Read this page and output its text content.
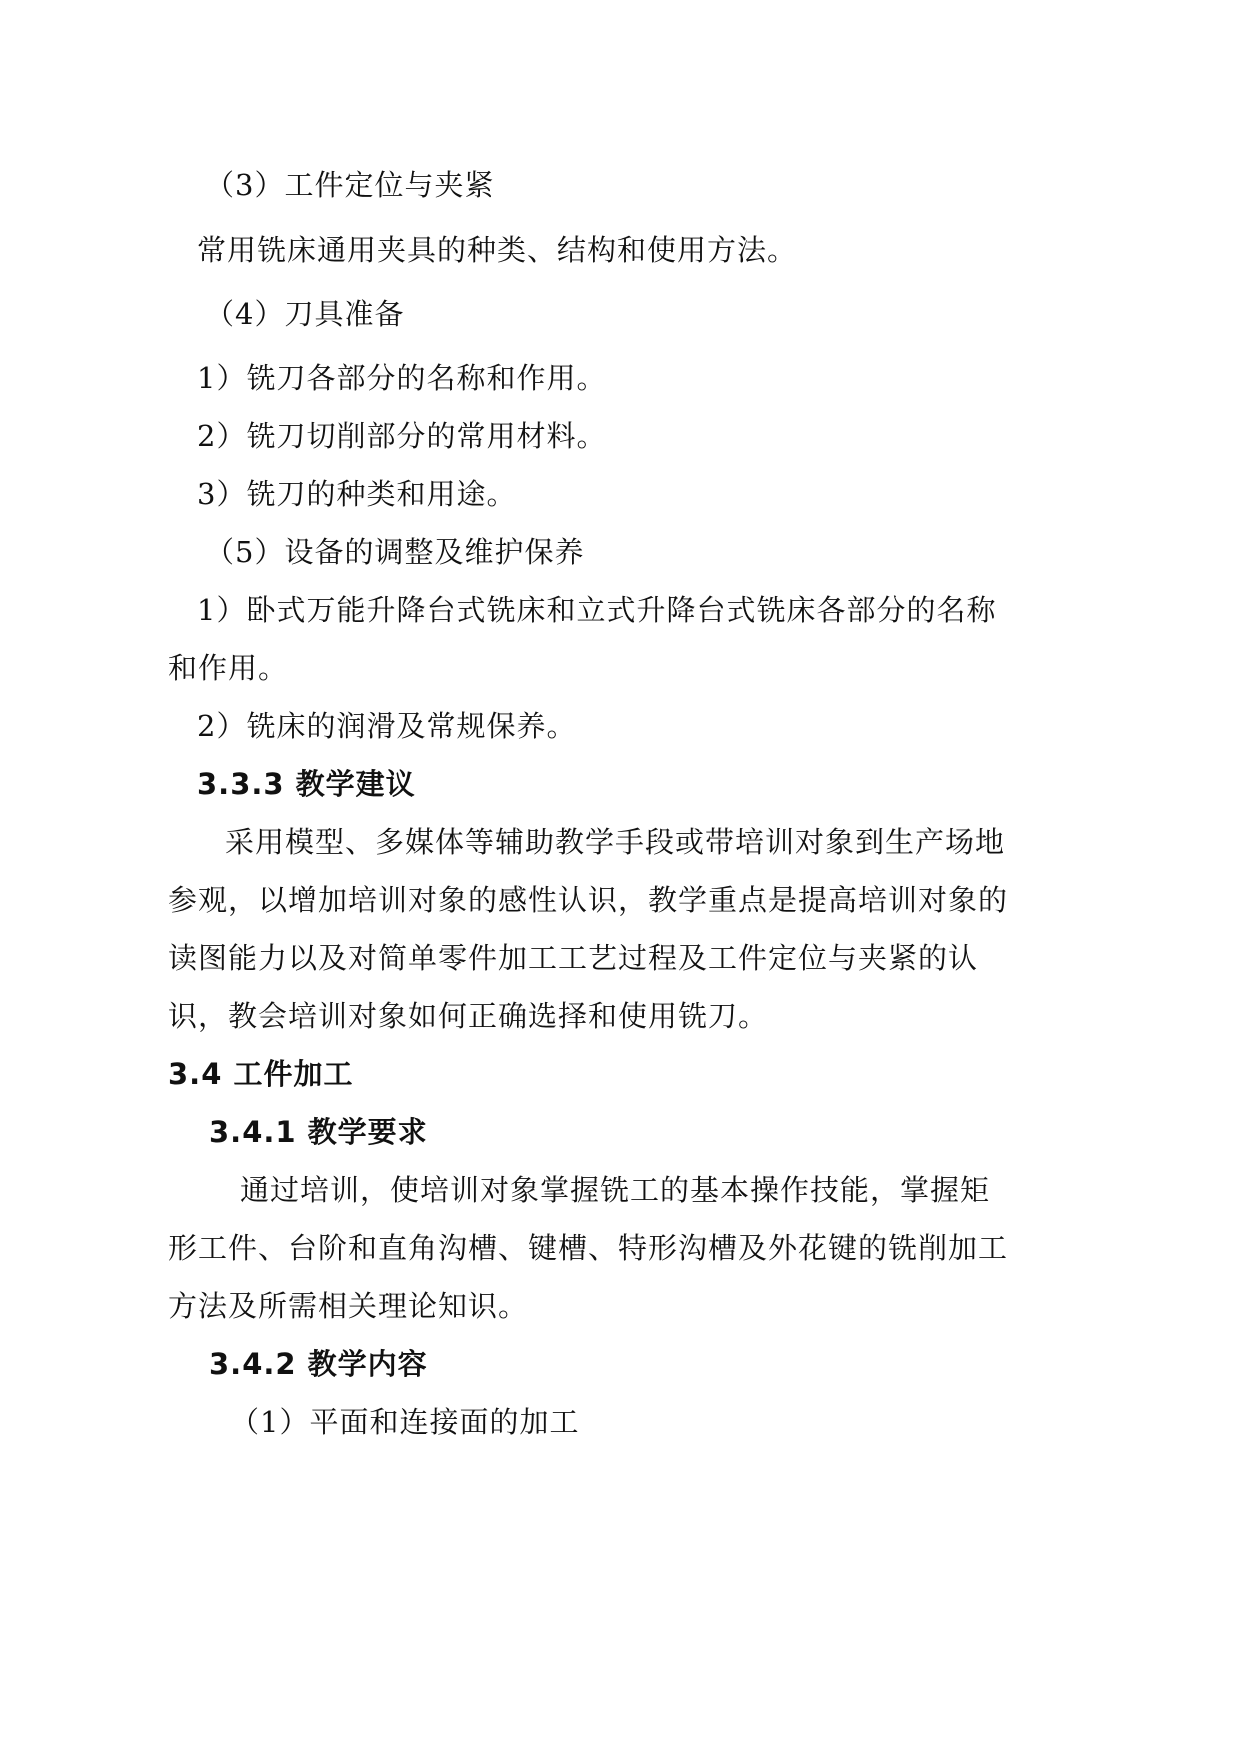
（3）工件定位与夹紧
常用铣床通用夹具的种类、结构和使用方法。
（4）刀具准备
1）铣刀各部分的名称和作用。
2）铣刀切削部分的常用材料。
3）铣刀的种类和用途。
（5）设备的调整及维护保养
1）卧式万能升降台式铣床和立式升降台式铣床各部分的名称
和作用。
2）铣床的润滑及常规保养。
3.3.3 教学建议
采用模型、多媒体等辅助教学手段或带培训对象到生产场地
参观，以增加培训对象的感性认识，教学重点是提高培训对象的
读图能力以及对简单零件加工工艺过程及工件定位与夹紧的认
识，教会培训对象如何正确选择和使用铣刀。
3.4 工件加工
3.4.1 教学要求
通过培训，使培训对象掌握铣工的基本操作技能，掌握矩
形工件、台阶和直角沟槽、键槽、特形沟槽及外花键的铣削加工
方法及所需相关理论知识。
3.4.2 教学内容
（1）平面和连接面的加工
